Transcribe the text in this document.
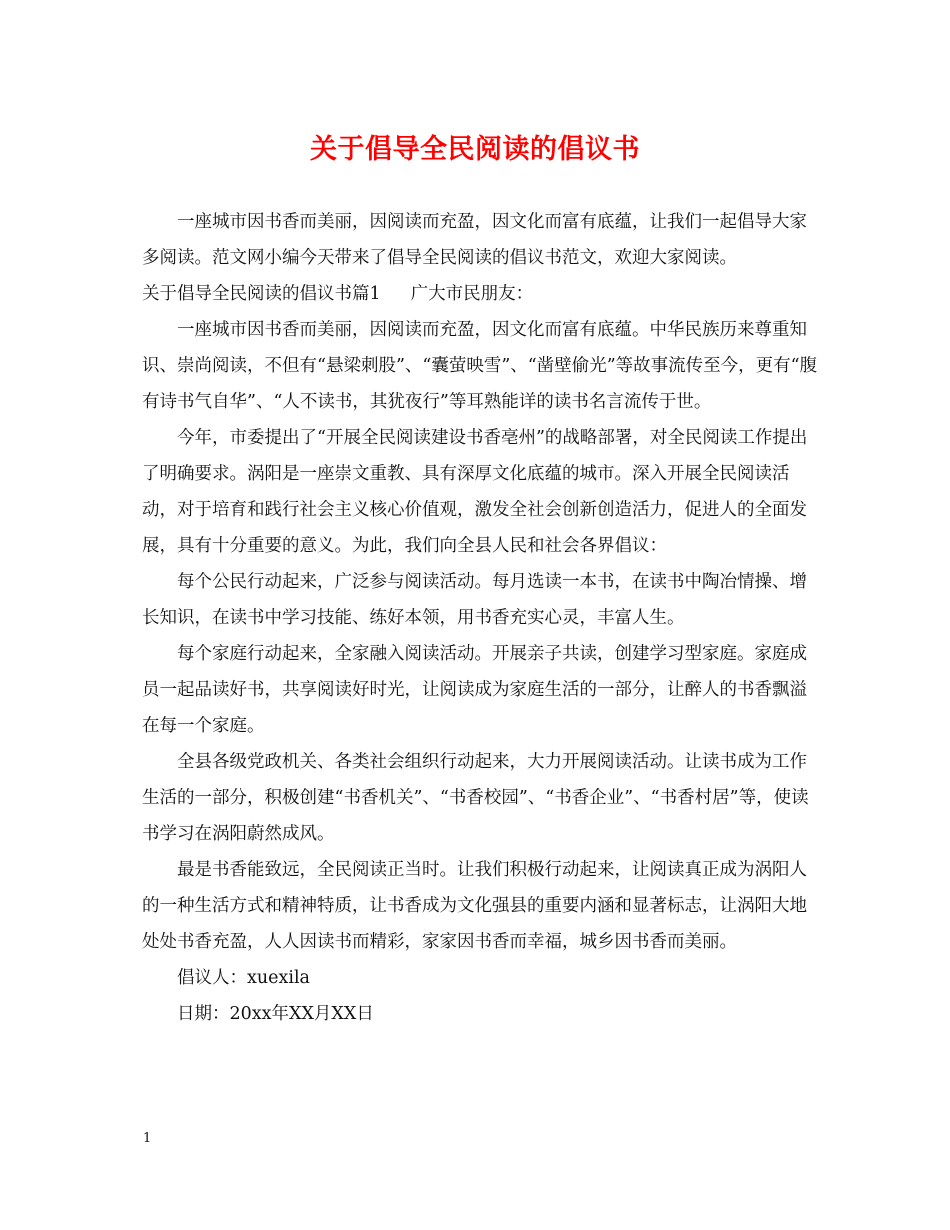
关于倡导全民阅读的倡议书

一座城市因书香而美丽，因阅读而充盈，因文化而富有底蕴，让我们一起倡导大家多阅读。范文网小编今天带来了倡导全民阅读的倡议书范文，欢迎大家阅读。

关于倡导全民阅读的倡议书篇1 广大市民朋友：

一座城市因书香而美丽，因阅读而充盈，因文化而富有底蕴。中华民族历来尊重知识、崇尚阅读，不但有“悬梁刺股”、“囊萤映雪”、“凿壁偷光”等故事流传至今，更有“腹有诗书气自华”、“人不读书，其犹夜行”等耳熟能详的读书名言流传于世。

今年，市委提出了“开展全民阅读建设书香亳州”的战略部署，对全民阅读工作提出了明确要求。涡阳是一座崇文重教、具有深厚文化底蕴的城市。深入开展全民阅读活动，对于培育和践行社会主义核心价值观，激发全社会创新创造活力，促进人的全面发展，具有十分重要的意义。为此，我们向全县人民和社会各界倡议：

每个公民行动起来，广泛参与阅读活动。每月选读一本书，在读书中陶冶情操、增长知识，在读书中学习技能、练好本领，用书香充实心灵，丰富人生。

每个家庭行动起来，全家融入阅读活动。开展亲子共读，创建学习型家庭。家庭成员一起品读好书，共享阅读好时光，让阅读成为家庭生活的一部分，让醉人的书香飘溢在每一个家庭。

全县各级党政机关、各类社会组织行动起来，大力开展阅读活动。让读书成为工作生活的一部分，积极创建“书香机关”、“书香校园”、“书香企业”、“书香村居”等，使读书学习在涡阳蔚然成风。

最是书香能致远，全民阅读正当时。让我们积极行动起来，让阅读真正成为涡阳人的一种生活方式和精神特质，让书香成为文化强县的重要内涵和显著标志，让涡阳大地处处书香充盈，人人因读书而精彩，家家因书香而幸福，城乡因书香而美丽。

倡议人：xuexila

日期：20xx年XX月XX日

1
